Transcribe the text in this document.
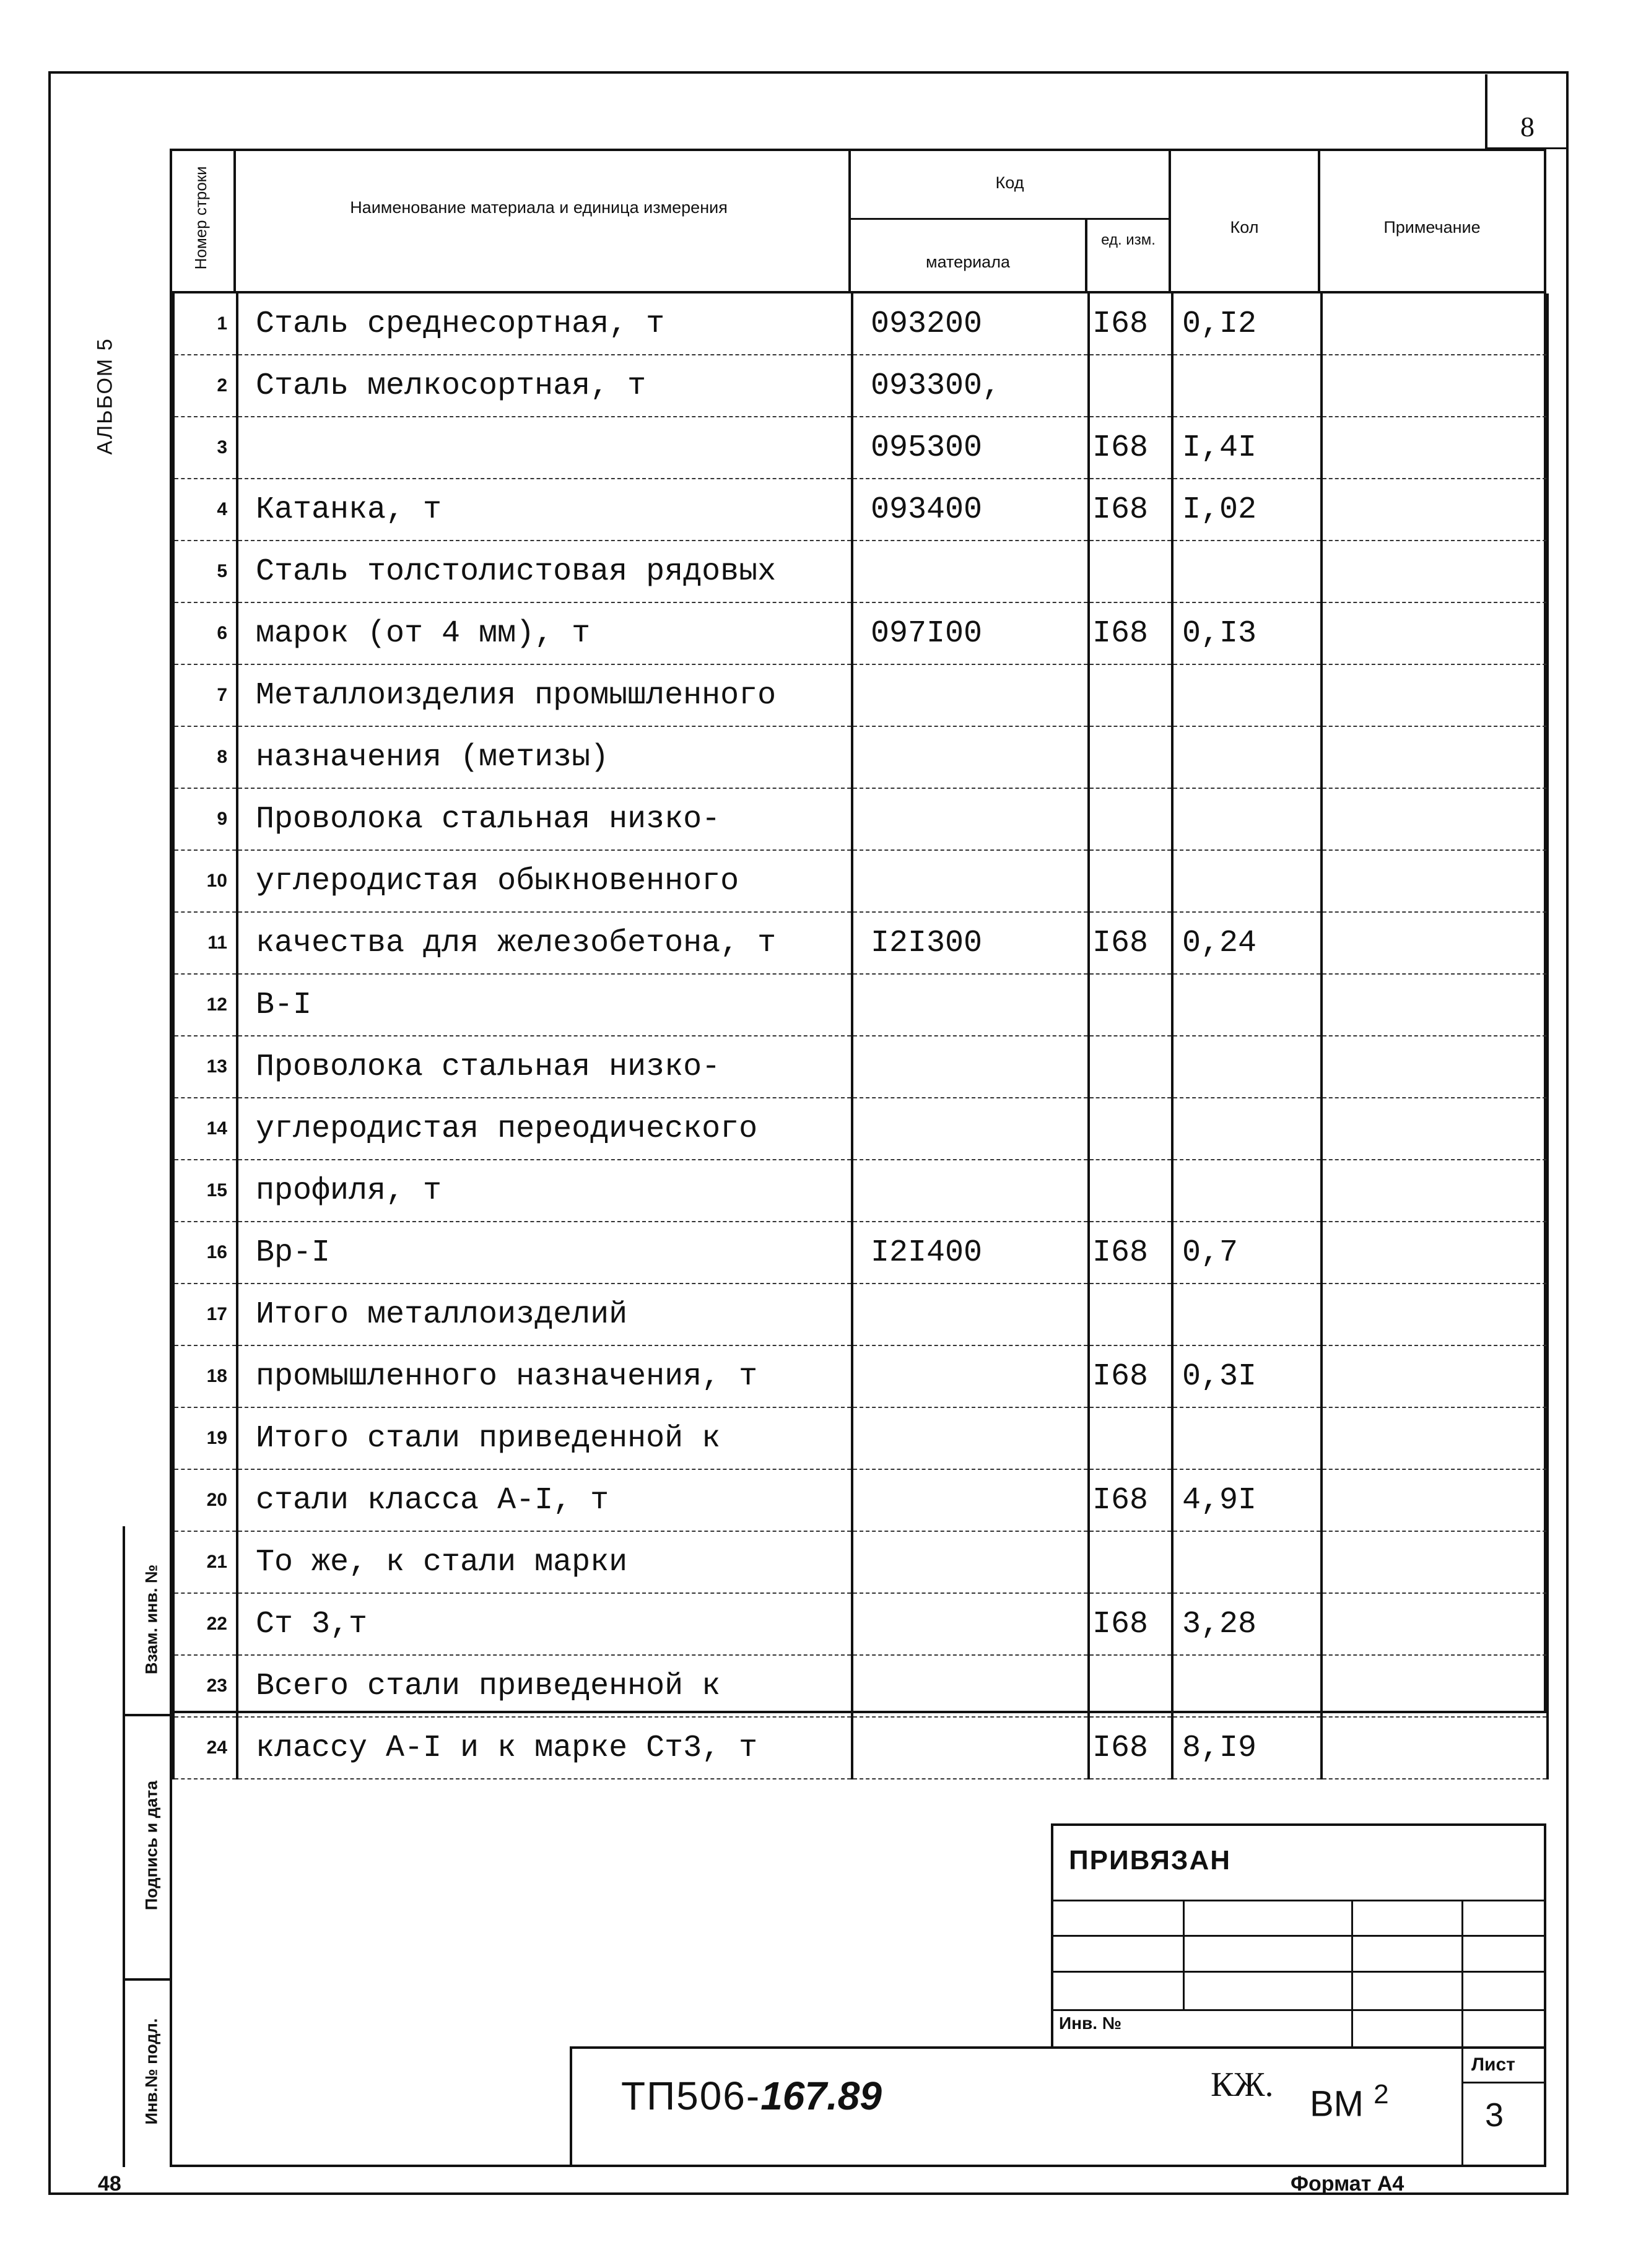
8
АЛЬБОМ 5
Взам. инв. №
Подпись и дата
Инв.№ подл.
Номер строки	Наименование материала и единица измерения
Код
материала
ед. изм.
Кол	Примечание
1	Сталь среднесортная, т	093200	I68	0,I2	
2	Сталь мелкосортная, т	093300,			
3		095300	I68	I,4I	
4	Катанка, т	093400	I68	I,02	
5	Сталь толстолистовая рядовых				
6	марок (от 4 мм), т	097I00	I68	0,I3	
7	Металлоизделия промышленного				
8	назначения (метизы)				
9	Проволока стальная низко-				
10	углеродистая обыкновенного				
11	качества для железобетона, т	I2I300	I68	0,24	
12	В-I				
13	Проволока стальная низко-				
14	углеродистая переодического				
15	профиля, т				
16	Вр-I	I2I400	I68	0,7	
17	Итого металлоизделий				
18	промышленного назначения, т		I68	0,3I	
19	Итого стали приведенной к				
20	стали класса А-I, т		I68	4,9I	
21	То же, к стали марки				
22	Ст 3,т		I68	3,28	
23	Всего стали приведенной к				
24	классу А-I и к марке Ст3, т		I68	8,I9	
ПРИВЯЗАН
Инв. №
ТП506-167.89	КЖ. ВМ $^2$
Лист
3
48	Формат А4
